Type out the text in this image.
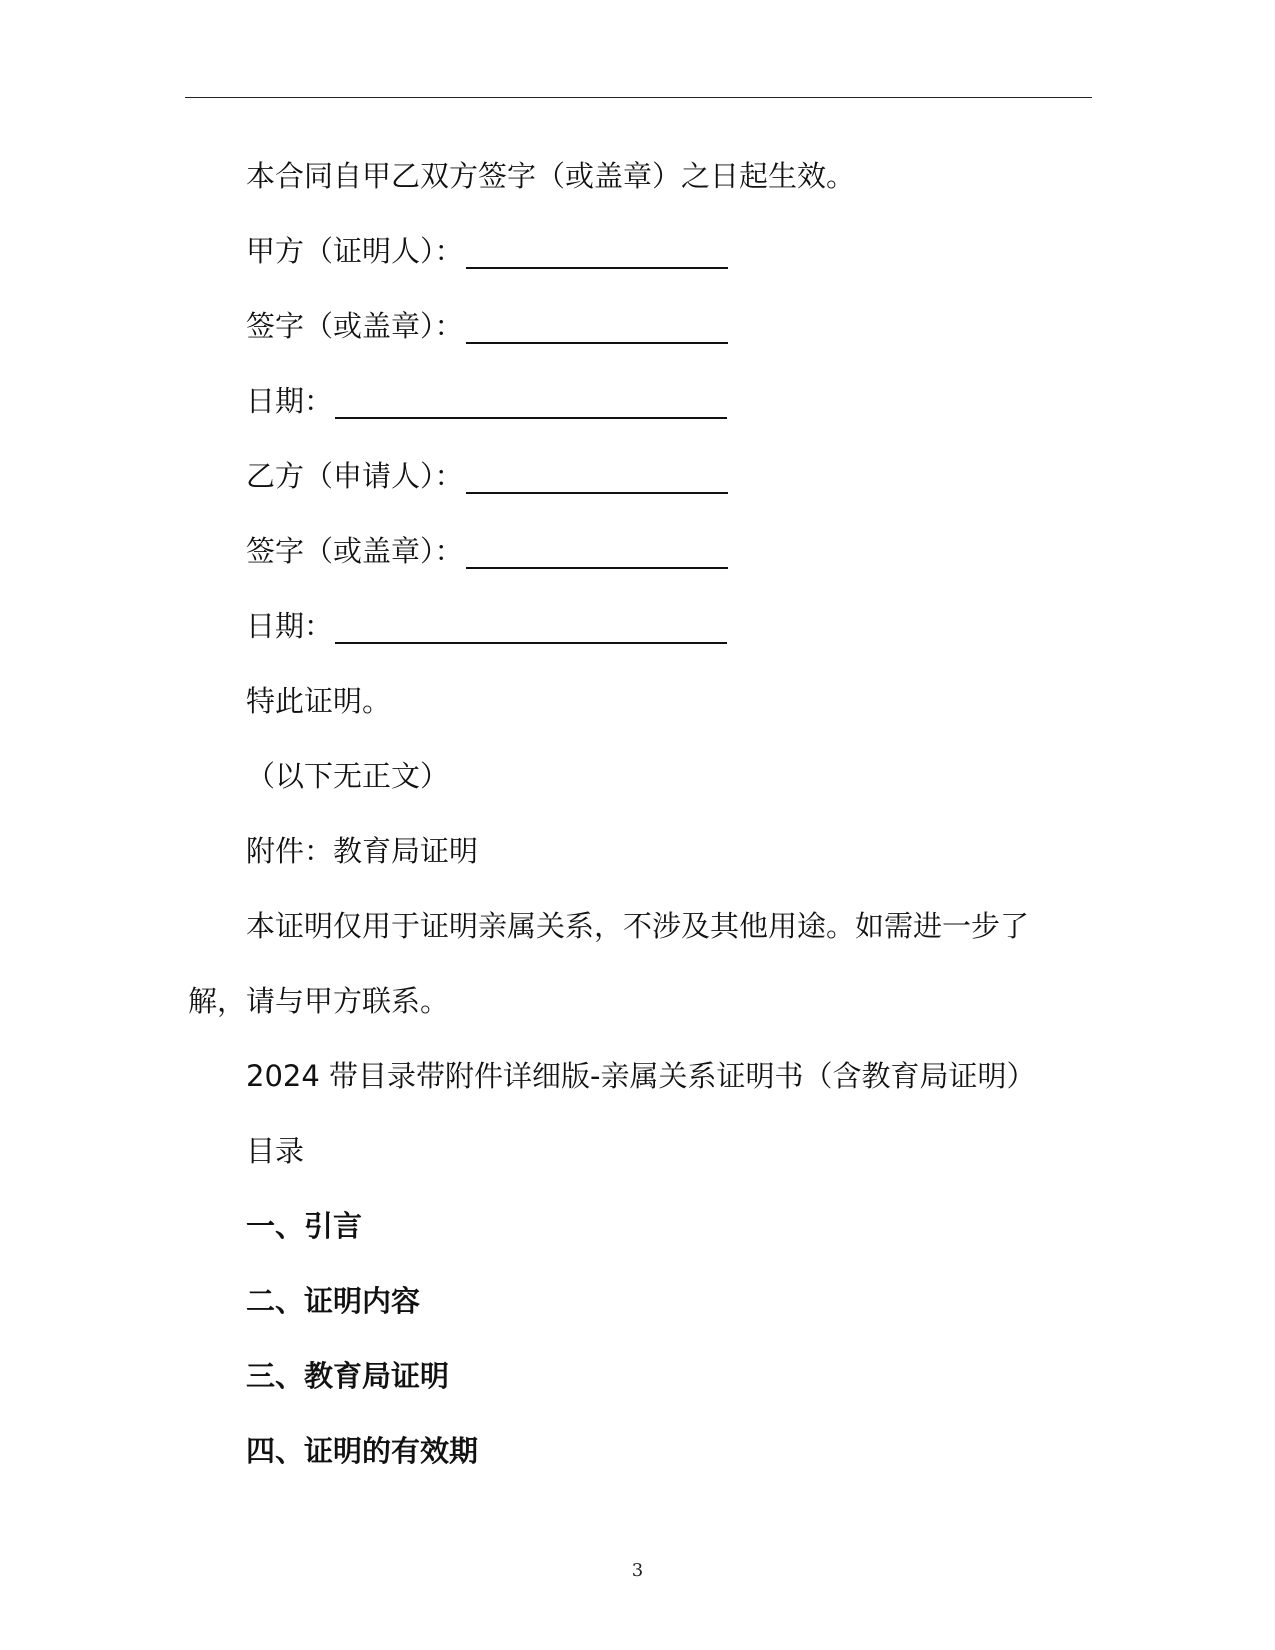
本合同自甲乙双方签字（或盖章）之日起生效。
甲方（证明人）：
签字（或盖章）：
日期：
乙方（申请人）：
签字（或盖章）：
日期：
特此证明。
（以下无正文）
附件：教育局证明
本证明仅用于证明亲属关系，不涉及其他用途。如需进一步了
解，请与甲方联系。
2024 带目录带附件详细版-亲属关系证明书（含教育局证明）
目录
一、引言
二、证明内容
三、教育局证明
四、证明的有效期
3
